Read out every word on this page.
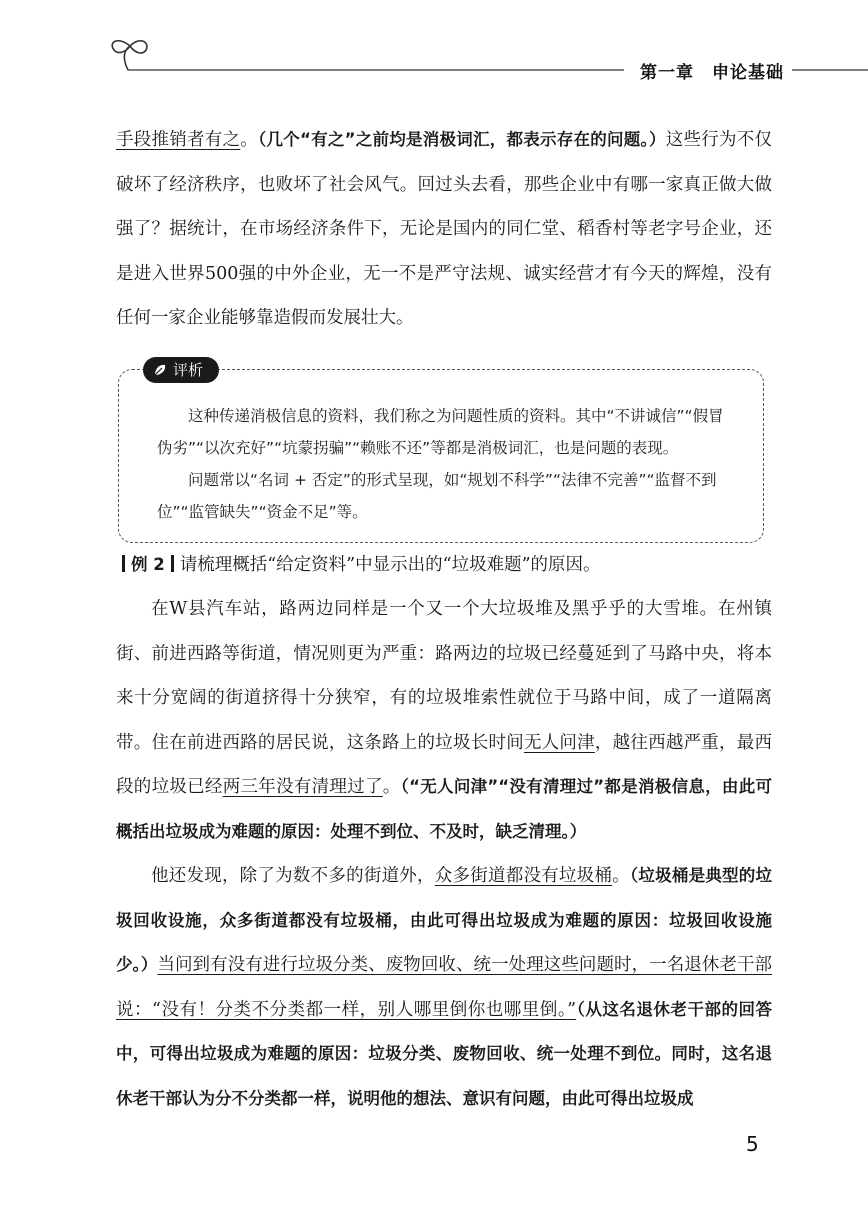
第一章　申论基础

手段推销者有之。（几个“有之”之前均是消极词汇，都表示存在的问题。）这些行为不仅破坏了经济秩序，也败坏了社会风气。回过头去看，那些企业中有哪一家真正做大做强了？据统计，在市场经济条件下，无论是国内的同仁堂、稻香村等老字号企业，还是进入世界500强的中外企业，无一不是严守法规、诚实经营才有今天的辉煌，没有任何一家企业能够靠造假而发展壮大。

评析

这种传递消极信息的资料，我们称之为问题性质的资料。其中“不讲诚信”“假冒伪劣”“以次充好”“坑蒙拐骗”“赖账不还”等都是消极词汇，也是问题的表现。

问题常以“名词 + 否定”的形式呈现，如“规划不科学”“法律不完善”“监督不到位”“监管缺失”“资金不足”等。

例 2 请梳理概括“给定资料”中显示出的“垃圾难题”的原因。

在W县汽车站，路两边同样是一个又一个大垃圾堆及黑乎乎的大雪堆。在州镇街、前进西路等街道，情况则更为严重：路两边的垃圾已经蔓延到了马路中央，将本来十分宽阔的街道挤得十分狭窄，有的垃圾堆索性就位于马路中间，成了一道隔离带。住在前进西路的居民说，这条路上的垃圾长时间无人问津，越往西越严重，最西段的垃圾已经两三年没有清理过了。（“无人问津”“没有清理过”都是消极信息，由此可概括出垃圾成为难题的原因：处理不到位、不及时，缺乏清理。）

他还发现，除了为数不多的街道外，众多街道都没有垃圾桶。（垃圾桶是典型的垃圾回收设施，众多街道都没有垃圾桶，由此可得出垃圾成为难题的原因：垃圾回收设施少。）当问到有没有进行垃圾分类、废物回收、统一处理这些问题时，一名退休老干部说：“没有！分类不分类都一样，别人哪里倒你也哪里倒。”（从这名退休老干部的回答中，可得出垃圾成为难题的原因：垃圾分类、废物回收、统一处理不到位。同时，这名退休老干部认为分不分类都一样，说明他的想法、意识有问题，由此可得出垃圾成

5
